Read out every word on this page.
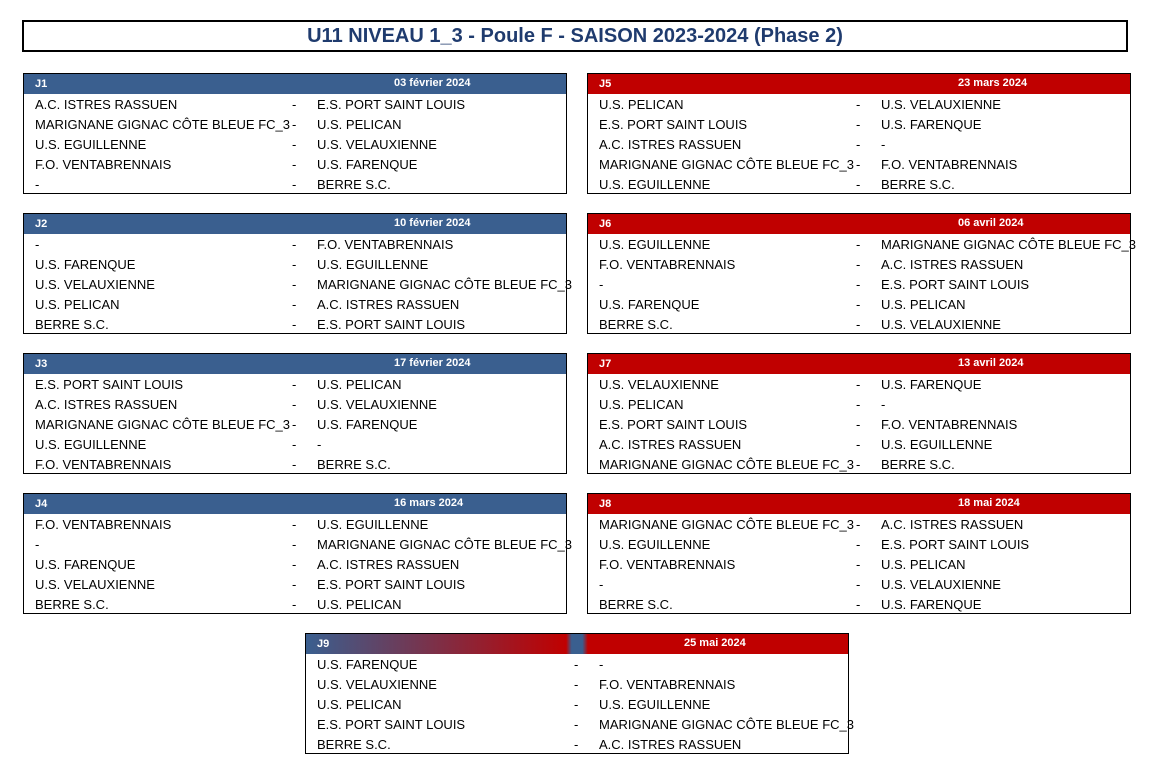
U11 NIVEAU 1_3 - Poule F - SAISON 2023-2024 (Phase 2)
J1	03 février 2024
A.C. ISTRES RASSUEN	- E.S. PORT SAINT LOUIS
MARIGNANE GIGNAC CÔTE BLEUE FC_3 - U.S. PELICAN
U.S. EGUILLENNE	- U.S. VELAUXIENNE
F.O. VENTABRENNAIS	- U.S. FARENQUE
-	- BERRE S.C.
J5	23 mars 2024
U.S. PELICAN	- U.S. VELAUXIENNE
E.S. PORT SAINT LOUIS	- U.S. FARENQUE
A.C. ISTRES RASSUEN	- -
MARIGNANE GIGNAC CÔTE BLEUE FC_3 - F.O. VENTABRENNAIS
U.S. EGUILLENNE	- BERRE S.C.
J2	10 février 2024
-	- F.O. VENTABRENNAIS
U.S. FARENQUE	- U.S. EGUILLENNE
U.S. VELAUXIENNE	- MARIGNANE GIGNAC CÔTE BLEUE FC_3
U.S. PELICAN	- A.C. ISTRES RASSUEN
BERRE S.C.	- E.S. PORT SAINT LOUIS
J6	06 avril 2024
U.S. EGUILLENNE	- MARIGNANE GIGNAC CÔTE BLEUE FC_3
F.O. VENTABRENNAIS	- A.C. ISTRES RASSUEN
-	- E.S. PORT SAINT LOUIS
U.S. FARENQUE	- U.S. PELICAN
BERRE S.C.	- U.S. VELAUXIENNE
J3	17 février 2024
E.S. PORT SAINT LOUIS	- U.S. PELICAN
A.C. ISTRES RASSUEN	- U.S. VELAUXIENNE
MARIGNANE GIGNAC CÔTE BLEUE FC_3 - U.S. FARENQUE
U.S. EGUILLENNE	- -
F.O. VENTABRENNAIS	- BERRE S.C.
J7	13 avril 2024
U.S. VELAUXIENNE	- U.S. FARENQUE
U.S. PELICAN	- -
E.S. PORT SAINT LOUIS	- F.O. VENTABRENNAIS
A.C. ISTRES RASSUEN	- U.S. EGUILLENNE
MARIGNANE GIGNAC CÔTE BLEUE FC_3 - BERRE S.C.
J4	16 mars 2024
F.O. VENTABRENNAIS	- U.S. EGUILLENNE
-	- MARIGNANE GIGNAC CÔTE BLEUE FC_3
U.S. FARENQUE	- A.C. ISTRES RASSUEN
U.S. VELAUXIENNE	- E.S. PORT SAINT LOUIS
BERRE S.C.	- U.S. PELICAN
J8	18 mai 2024
MARIGNANE GIGNAC CÔTE BLEUE FC_3 - A.C. ISTRES RASSUEN
U.S. EGUILLENNE	- E.S. PORT SAINT LOUIS
F.O. VENTABRENNAIS	- U.S. PELICAN
-	- U.S. VELAUXIENNE
BERRE S.C.	- U.S. FARENQUE
J9	25 mai 2024
U.S. FARENQUE	- -
U.S. VELAUXIENNE	- F.O. VENTABRENNAIS
U.S. PELICAN	- U.S. EGUILLENNE
E.S. PORT SAINT LOUIS	- MARIGNANE GIGNAC CÔTE BLEUE FC_3
BERRE S.C.	- A.C. ISTRES RASSUEN
